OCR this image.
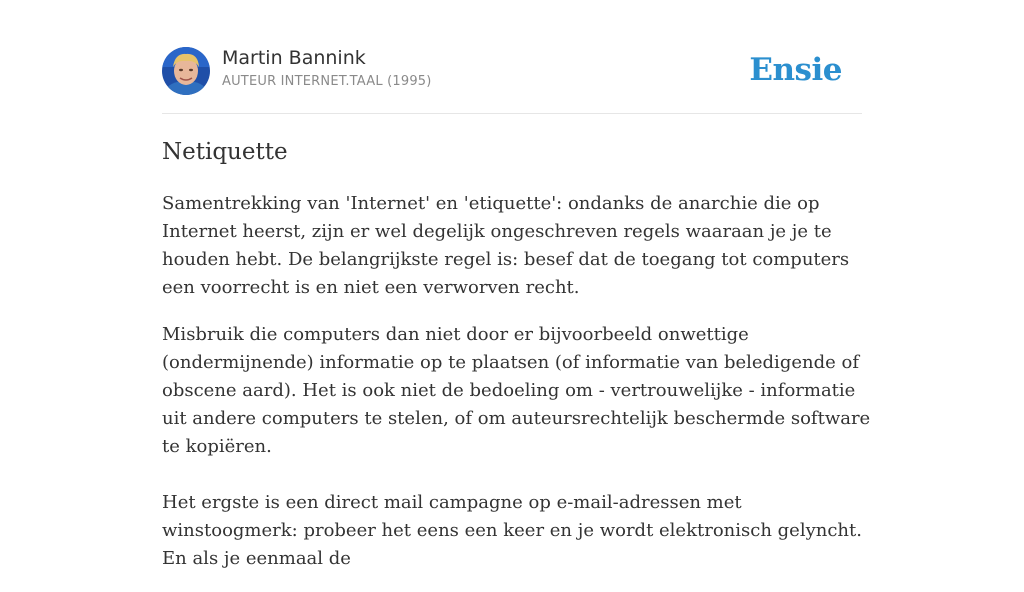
Martin Bannink
AUTEUR INTERNET.TAAL (1995)	Ensie
Netiquette

Samentrekking van 'Internet' en 'etiquette': ondanks de anarchie die op Internet heerst, zijn er wel degelijk ongeschreven regels waaraan je je te houden hebt. De belangrijkste regel is: besef dat de toegang tot computers een voorrecht is en niet een verworven recht.

Misbruik die computers dan niet door er bijvoorbeeld onwettige (ondermijnende) informatie op te plaatsen (of informatie van beledigende of obscene aard). Het is ook niet de bedoeling om - vertrouwelijke - informatie uit andere computers te stelen, of om auteursrechtelijk beschermde software te kopiëren.

Het ergste is een direct mail campagne op e-mail-adressen met winstoogmerk: probeer het eens een keer en je wordt elektronisch gelyncht. En als je eenmaal de
